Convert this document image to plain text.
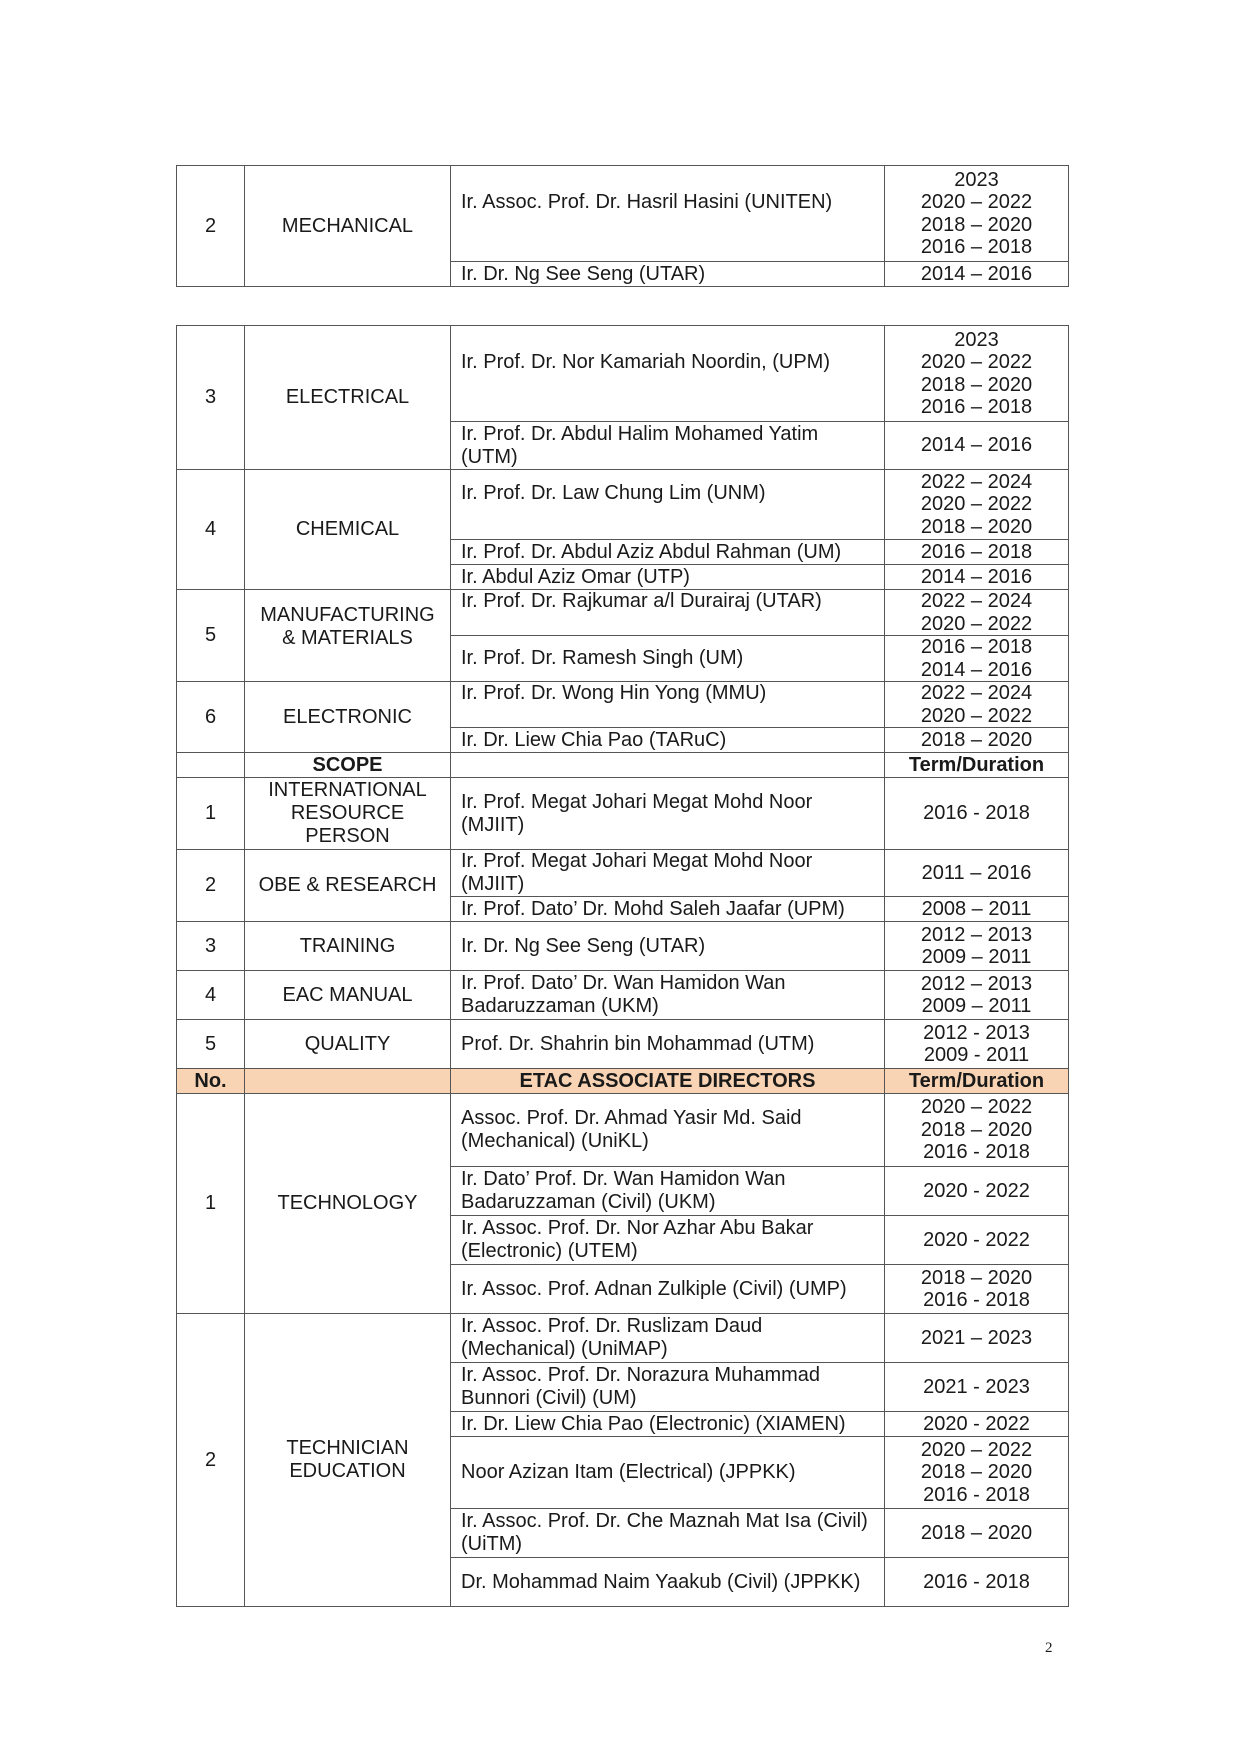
2	MECHANICAL	Ir. Assoc. Prof. Dr. Hasril Hasini (UNITEN)	2023
2020 – 2022
2018 – 2020
2016 – 2018

		Ir. Dr. Ng See Seng (UTAR)	2014 – 2016
3	ELECTRICAL	Ir. Prof. Dr. Nor Kamariah Noordin, (UPM)	2023
2020 – 2022
2018 – 2020
2016 – 2018

		Ir. Prof. Dr. Abdul Halim Mohamed Yatim (UTM)	2014 – 2016

4	CHEMICAL	Ir. Prof. Dr. Law Chung Lim (UNM)	2022 – 2024
2020 – 2022
2018 – 2020

		Ir. Prof. Dr. Abdul Aziz Abdul Rahman (UM)	2016 – 2018

		Ir. Abdul Aziz Omar (UTP)	2014 – 2016

5	MANUFACTURING & MATERIALS	Ir. Prof. Dr. Rajkumar a/l Durairaj (UTAR)	2022 – 2024
2020 – 2022

		Ir. Prof. Dr. Ramesh Singh (UM)	2016 – 2018
2014 – 2016

6	ELECTRONIC	Ir. Prof. Dr. Wong Hin Yong (MMU)	2022 – 2024
2020 – 2022

		Ir. Dr. Liew Chia Pao (TARuC)	2018 – 2020

	SCOPE		Term/Duration
1	INTERNATIONAL RESOURCE PERSON	Ir. Prof. Megat Johari Megat Mohd Noor (MJIIT)	2016 - 2018

2	OBE & RESEARCH	Ir. Prof. Megat Johari Megat Mohd Noor (MJIIT)	2011 – 2016

		Ir. Prof. Dato’ Dr. Mohd Saleh Jaafar (UPM)	2008 – 2011

3	TRAINING	Ir. Dr. Ng See Seng (UTAR)	2012 – 2013
2009 – 2011

4	EAC MANUAL	Ir. Prof. Dato’ Dr. Wan Hamidon Wan Badaruzzaman (UKM)	2012 – 2013
2009 – 2011

5	QUALITY	Prof. Dr. Shahrin bin Mohammad (UTM)	2012 - 2013
2009 - 2011

No.		ETAC ASSOCIATE DIRECTORS	Term/Duration
1	TECHNOLOGY	Assoc. Prof. Dr. Ahmad Yasir Md. Said (Mechanical) (UniKL)	2020 – 2022
2018 – 2020
2016 - 2018

		Ir. Dato’ Prof. Dr. Wan Hamidon Wan Badaruzzaman (Civil) (UKM)	2020 - 2022

		Ir. Assoc. Prof. Dr. Nor Azhar Abu Bakar (Electronic) (UTEM)	2020 - 2022

		Ir. Assoc. Prof. Adnan Zulkiple (Civil) (UMP)	2018 – 2020
2016 - 2018

2	TECHNICIAN EDUCATION	Ir. Assoc. Prof. Dr. Ruslizam Daud (Mechanical) (UniMAP)	2021 – 2023

		Ir. Assoc. Prof. Dr. Norazura Muhammad Bunnori (Civil) (UM)	2021 - 2023

		Ir. Dr. Liew Chia Pao (Electronic) (XIAMEN)	2020 - 2022

		Noor Azizan Itam (Electrical) (JPPKK)	2020 – 2022
2018 – 2020
2016 - 2018

		Ir. Assoc. Prof. Dr. Che Maznah Mat Isa (Civil) (UiTM)	2018 – 2020

		Dr. Mohammad Naim Yaakub (Civil) (JPPKK)	2016 - 2018
2
